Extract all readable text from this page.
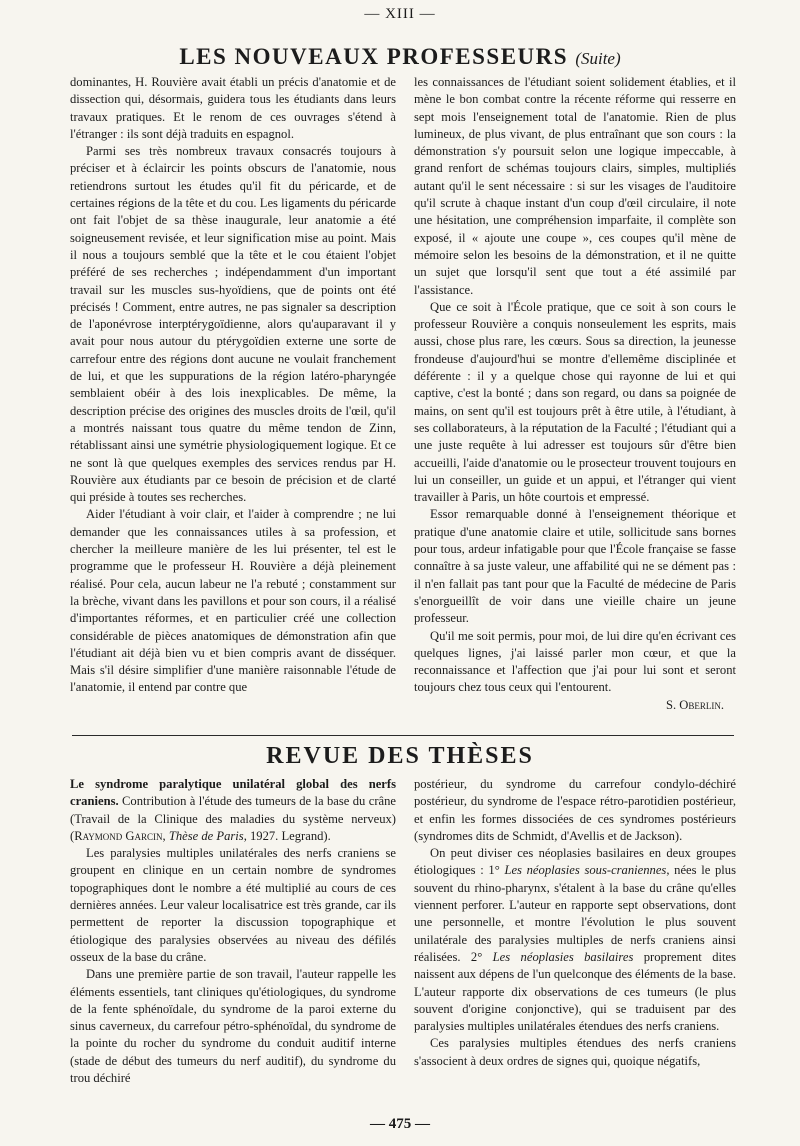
— XIII —
LES NOUVEAUX PROFESSEURS (Suite)

dominantes, H. Rouvière avait établi un précis d'anatomie et de dissection qui, désormais, guidera tous les étudiants dans leurs travaux pratiques. Et le renom de ces ouvrages s'étend à l'étranger : ils sont déjà traduits en espagnol.

Parmi ses très nombreux travaux consacrés toujours à préciser et à éclaircir les points obscurs de l'anatomie, nous retiendrons surtout les études qu'il fit du péricarde, et de certaines régions de la tête et du cou. Les ligaments du péricarde ont fait l'objet de sa thèse inaugurale, leur anatomie a été soigneusement revisée, et leur signification mise au point. Mais il nous a toujours semblé que la tête et le cou étaient l'objet préféré de ses recherches ; indépendamment d'un important travail sur les muscles sus-hyoïdiens, que de points ont été précisés ! Comment, entre autres, ne pas signaler sa description de l'aponévrose interptérygoïdienne, alors qu'auparavant il y avait pour nous autour du ptérygoïdien externe une sorte de carrefour entre des régions dont aucune ne voulait franchement de lui, et que les suppurations de la région latéro-pharyngée semblaient obéir à des lois inexplicables. De même, la description précise des origines des muscles droits de l'œil, qu'il a montrés naissant tous quatre du même tendon de Zinn, rétablissant ainsi une symétrie physiologiquement logique. Et ce ne sont là que quelques exemples des services rendus par H. Rouvière aux étudiants par ce besoin de précision et de clarté qui préside à toutes ses recherches.

Aider l'étudiant à voir clair, et l'aider à comprendre ; ne lui demander que les connaissances utiles à sa profession, et chercher la meilleure manière de les lui présenter, tel est le programme que le professeur H. Rouvière a déjà pleinement réalisé. Pour cela, aucun labeur ne l'a rebuté ; constamment sur la brèche, vivant dans les pavillons et pour son cours, il a réalisé d'importantes réformes, et en particulier créé une collection considérable de pièces anatomiques de démonstration afin que l'étudiant ait déjà bien vu et bien compris avant de disséquer. Mais s'il désire simplifier d'une manière raisonnable l'étude de l'anatomie, il entend par contre que

les connaissances de l'étudiant soient solidement établies, et il mène le bon combat contre la récente réforme qui resserre en sept mois l'enseignement total de l'anatomie. Rien de plus lumineux, de plus vivant, de plus entraînant que son cours : la démonstration s'y poursuit selon une logique impeccable, à grand renfort de schémas toujours clairs, simples, multipliés autant qu'il le sent nécessaire : si sur les visages de l'auditoire qu'il scrute à chaque instant d'un coup d'œil circulaire, il note une hésitation, une compréhension imparfaite, il complète son exposé, il « ajoute une coupe », ces coupes qu'il mène de mémoire selon les besoins de la démonstration, et il ne quitte un sujet que lorsqu'il sent que tout a été assimilé par l'assistance.

Que ce soit à l'École pratique, que ce soit à son cours le professeur Rouvière a conquis nonseulement les esprits, mais aussi, chose plus rare, les cœurs. Sous sa direction, la jeunesse frondeuse d'aujourd'hui se montre d'ellemême disciplinée et déférente : il y a quelque chose qui rayonne de lui et qui captive, c'est la bonté ; dans son regard, ou dans sa poignée de mains, on sent qu'il est toujours prêt à être utile, à l'étudiant, à ses collaborateurs, à la réputation de la Faculté ; l'étudiant qui a une juste requête à lui adresser est toujours sûr d'être bien accueilli, l'aide d'anatomie ou le prosecteur trouvent toujours en lui un conseiller, un guide et un appui, et l'étranger qui vient travailler à Paris, un hôte courtois et empressé.

Essor remarquable donné à l'enseignement théorique et pratique d'une anatomie claire et utile, sollicitude sans bornes pour tous, ardeur infatigable pour que l'École française se fasse connaître à sa juste valeur, une affabilité qui ne se dément pas : il n'en fallait pas tant pour que la Faculté de médecine de Paris s'enorgueillît de voir dans une vieille chaire un jeune professeur.

Qu'il me soit permis, pour moi, de lui dire qu'en écrivant ces quelques lignes, j'ai laissé parler mon cœur, et que la reconnaissance et l'affection que j'ai pour lui sont et seront toujours chez tous ceux qui l'entourent.

S. Oberlin.
REVUE DES THÈSES

Le syndrome paralytique unilatéral global des nerfs craniens. Contribution à l'étude des tumeurs de la base du crâne (Travail de la Clinique des maladies du système nerveux) (Raymond Garcin, Thèse de Paris, 1927. Legrand).

Les paralysies multiples unilatérales des nerfs craniens se groupent en clinique en un certain nombre de syndromes topographiques dont le nombre a été multiplié au cours de ces dernières années. Leur valeur localisatrice est très grande, car ils permettent de reporter la discussion topographique et étiologique des paralysies observées au niveau des défilés osseux de la base du crâne.

Dans une première partie de son travail, l'auteur rappelle les éléments essentiels, tant cliniques qu'étiologiques, du syndrome de la fente sphénoïdale, du syndrome de la paroi externe du sinus caverneux, du carrefour pétro-sphénoïdal, du syndrome de la pointe du rocher du syndrome du conduit auditif interne (stade de début des tumeurs du nerf auditif), du syndrome du trou déchiré

postérieur, du syndrome du carrefour condylo-déchiré postérieur, du syndrome de l'espace rétro-parotidien postérieur, et enfin les formes dissociées de ces syndromes postérieurs (syndromes dits de Schmidt, d'Avellis et de Jackson).

On peut diviser ces néoplasies basilaires en deux groupes étiologiques : 1° Les néoplasies sous-craniennes, nées le plus souvent du rhino-pharynx, s'étalent à la base du crâne qu'elles viennent perforer. L'auteur en rapporte sept observations, dont une personnelle, et montre l'évolution le plus souvent unilatérale des paralysies multiples de nerfs craniens ainsi réalisées. 2° Les néoplasies basilaires proprement dites naissent aux dépens de l'un quelconque des éléments de la base. L'auteur rapporte dix observations de ces tumeurs (le plus souvent d'origine conjonctive), qui se traduisent par des paralysies multiples unilatérales étendues des nerfs craniens.

Ces paralysies multiples étendues des nerfs craniens s'associent à deux ordres de signes qui, quoique négatifs,

— 475 —
